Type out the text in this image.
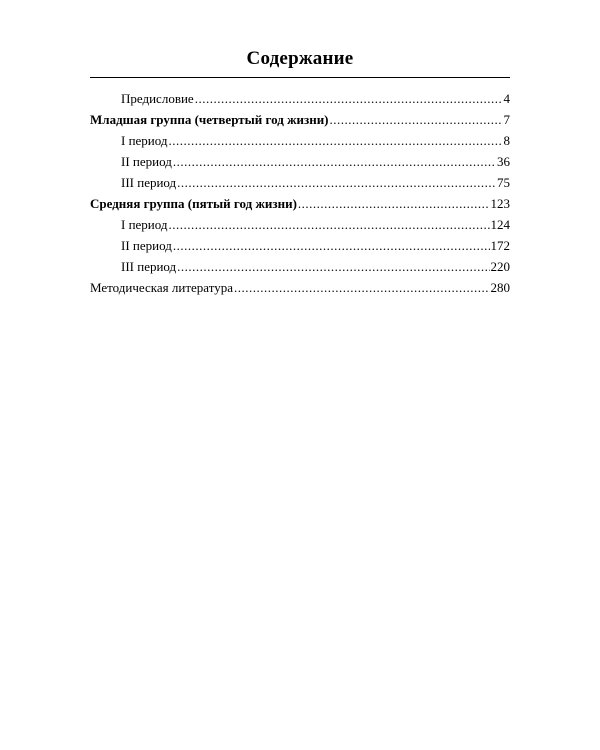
Содержание
Предисловие .....	4
Младшая группа (четвертый год жизни) .....	7
I период .....	8
II период .....	36
III период .....	75
Средняя группа (пятый год жизни) .....	123
I период .....	124
II период .....	172
III период .....	220
Методическая литература .....	280
